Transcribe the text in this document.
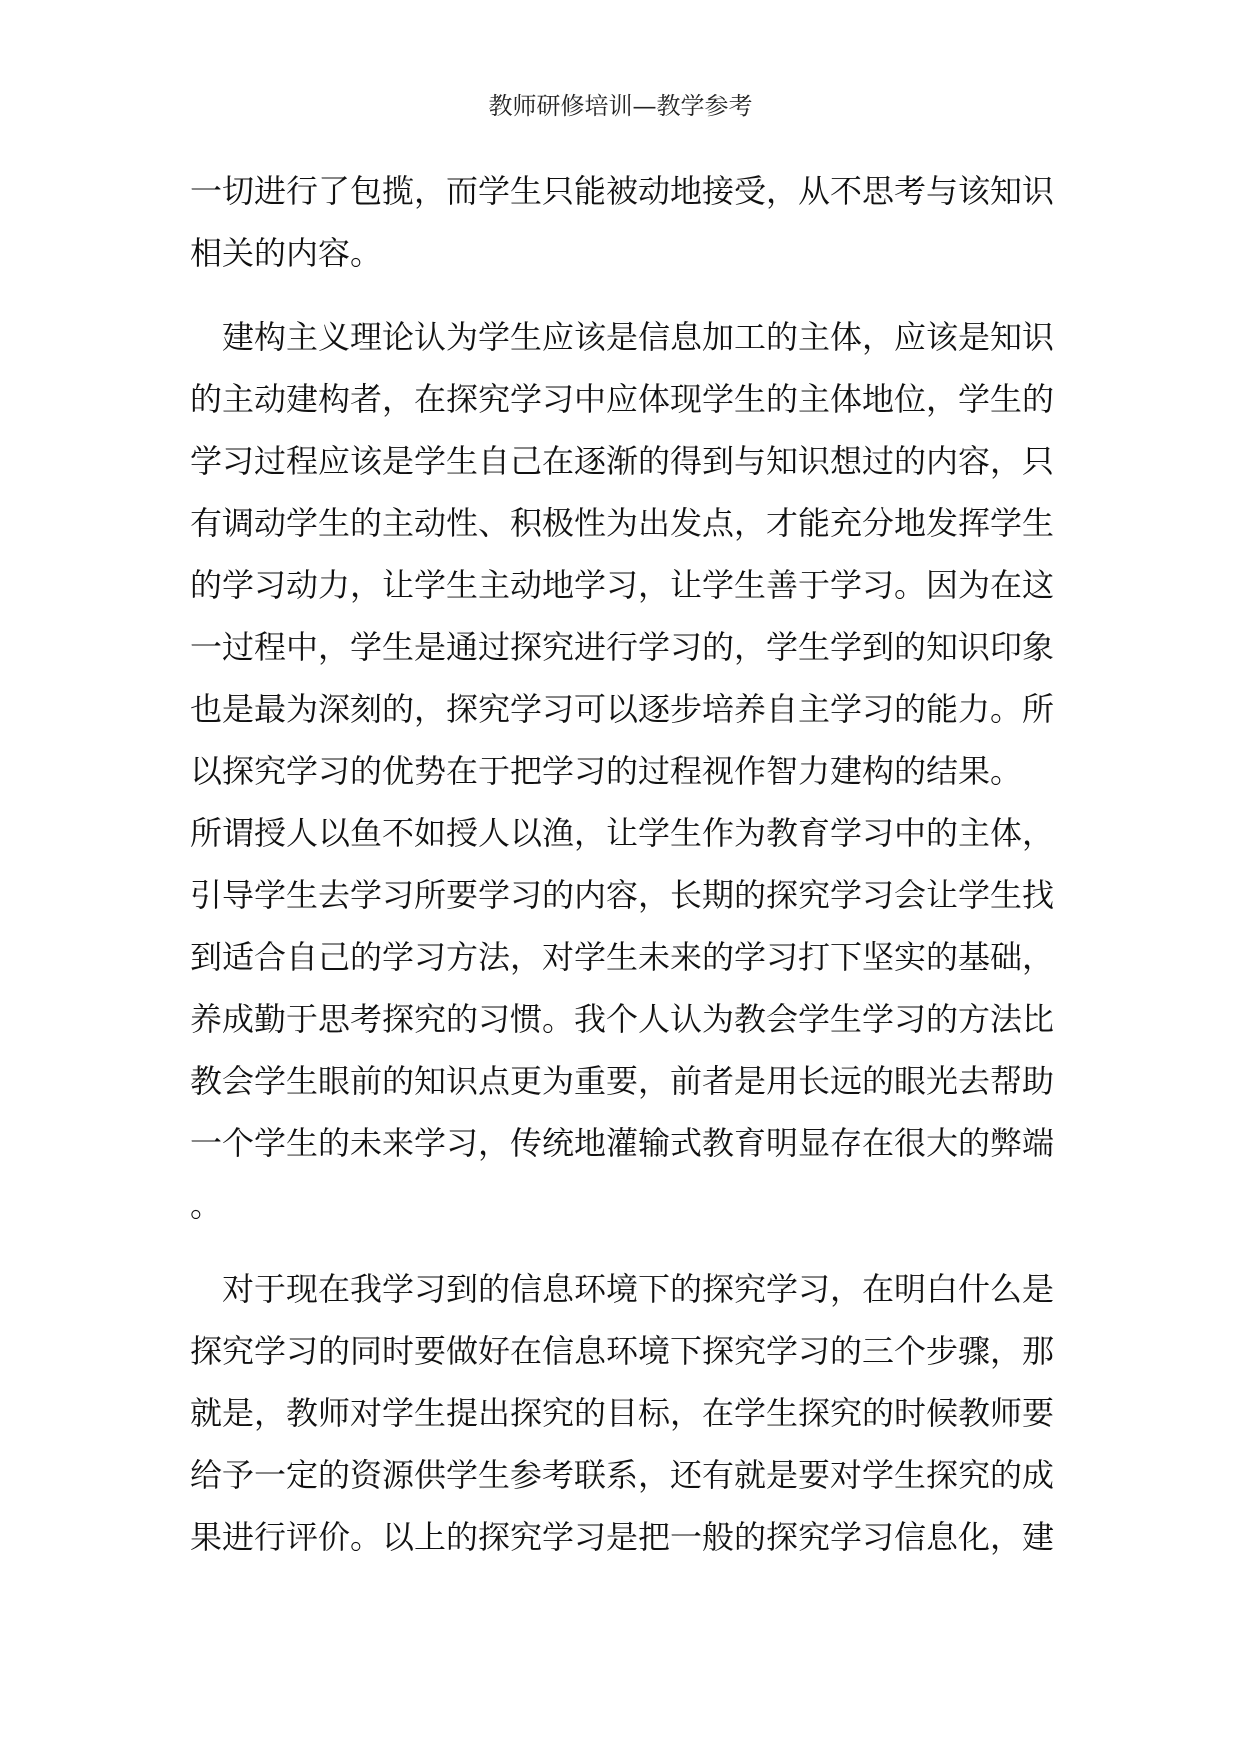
教师研修培训—教学参考
一切进行了包揽，而学生只能被动地接受，从不思考与该知识
相关的内容。
　建构主义理论认为学生应该是信息加工的主体，应该是知识
的主动建构者，在探究学习中应体现学生的主体地位，学生的
学习过程应该是学生自己在逐渐的得到与知识想过的内容，只
有调动学生的主动性、积极性为出发点，才能充分地发挥学生
的学习动力，让学生主动地学习，让学生善于学习。因为在这
一过程中，学生是通过探究进行学习的，学生学到的知识印象
也是最为深刻的，探究学习可以逐步培养自主学习的能力。所
以探究学习的优势在于把学习的过程视作智力建构的结果。
所谓授人以鱼不如授人以渔，让学生作为教育学习中的主体，
引导学生去学习所要学习的内容，长期的探究学习会让学生找
到适合自己的学习方法，对学生未来的学习打下坚实的基础，
养成勤于思考探究的习惯。我个人认为教会学生学习的方法比
教会学生眼前的知识点更为重要，前者是用长远的眼光去帮助
一个学生的未来学习，传统地灌输式教育明显存在很大的弊端
。
　对于现在我学习到的信息环境下的探究学习，在明白什么是
探究学习的同时要做好在信息环境下探究学习的三个步骤，那
就是，教师对学生提出探究的目标，在学生探究的时候教师要
给予一定的资源供学生参考联系，还有就是要对学生探究的成
果进行评价。以上的探究学习是把一般的探究学习信息化，建
